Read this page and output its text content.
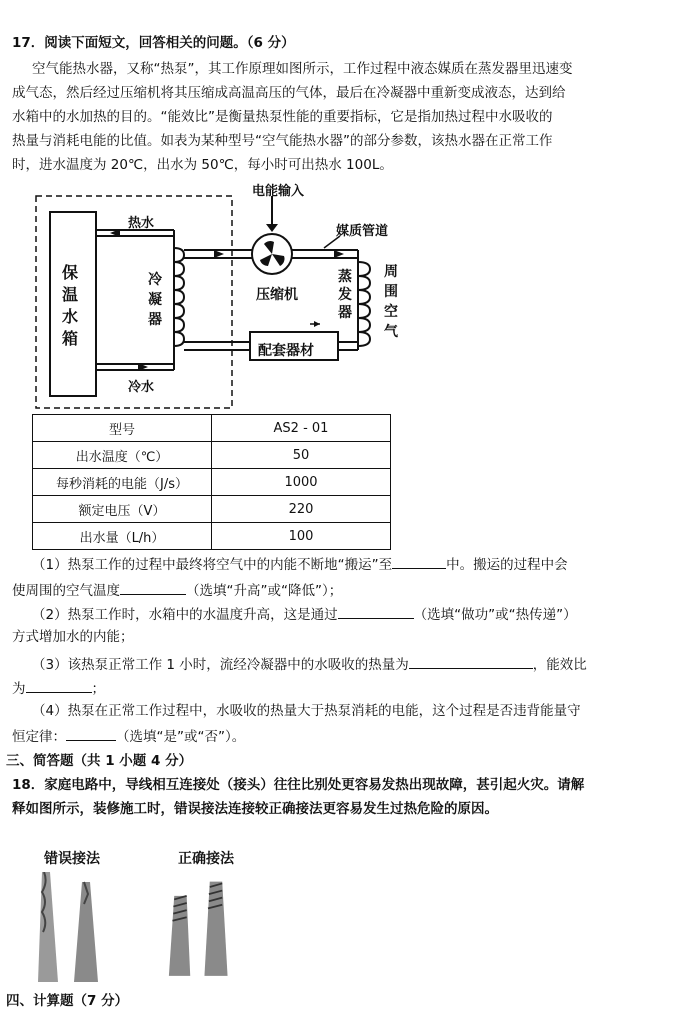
17．阅读下面短文，回答相关的问题。（6 分）
空气能热水器，又称“热泵”，其工作原理如图所示，工作过程中液态媒质在蒸发器里迅速变
成气态，然后经过压缩机将其压缩成高温高压的气体，最后在冷凝器中重新变成液态，达到给
水箱中的水加热的目的。“能效比”是衡量热泵性能的重要指标，它是指加热过程中水吸收的
热量与消耗电能的比值。如表为某种型号“空气能热水器”的部分参数，该热水器在正常工作
时，进水温度为 20℃，出水为 50℃，每小时可出热水 100L。
电能输入
媒质管道
热水
冷水
保
温
水
箱
冷
凝
器
压缩机
蒸
发
器
周
围
空
气
配套器材
型号	AS2 - 01
出水温度（℃）	50
每秒消耗的电能（J/s）	1000
额定电压（V）	220
出水量（L/h）	100
（1）热泵工作的过程中最终将空气中的内能不断地“搬运”至	中。搬运的过程中会
使周围的空气温度	（选填“升高”或“降低”）；
（2）热泵工作时，水箱中的水温度升高，这是通过	（选填“做功”或“热传递”）
方式增加水的内能；
（3）该热泵正常工作 1 小时，流经冷凝器中的水吸收的热量为	，能效比
为	；
（4）热泵在正常工作过程中，水吸收的热量大于热泵消耗的电能，这个过程是否违背能量守
恒定律：	（选填“是”或“否”）。
三、简答题（共 1 小题 4 分）
18．家庭电路中，导线相互连接处（接头）往往比别处更容易发热出现故障，甚引起火灾。请解
释如图所示，装修施工时，错误接法连接较正确接法更容易发生过热危险的原因。
错误接法	正确接法
四、计算题（7 分）
